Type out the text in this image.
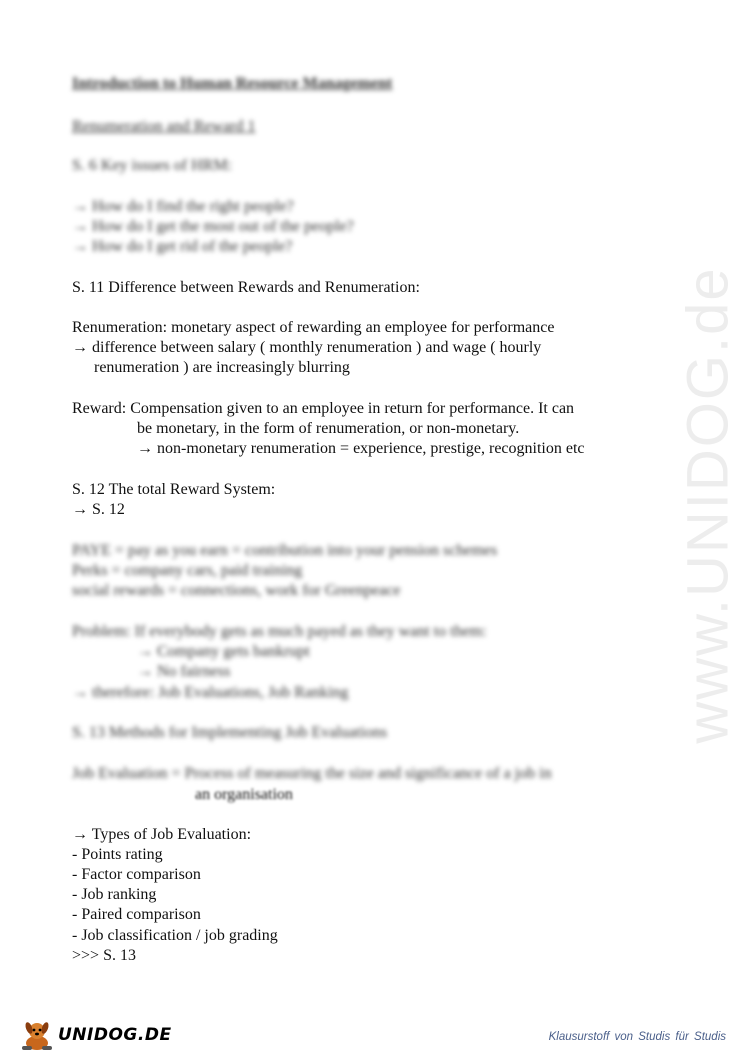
www.UNIDOG.de
Introduction to Human Resource Management
Renumeration and Reward 1
S. 6 Key issues of HRM:
→ How do I find the right people?
→ How do I get the most out of the people?
→ How do I get rid of the people?
S. 11 Difference between Rewards and Renumeration:
Renumeration: monetary aspect of rewarding an employee for performance
→ difference between salary ( monthly renumeration ) and wage ( hourly
renumeration ) are increasingly blurring
Reward: Compensation given to an employee in return for performance. It can
be monetary, in the form of renumeration, or non-monetary.
→ non-monetary renumeration = experience, prestige, recognition etc
S. 12 The total Reward System:
→ S. 12
PAYE = pay as you earn = contribution into your pension schemes
Perks = company cars, paid training
social rewards = connections, work for Greenpeace
Problem: If everybody gets as much payed as they want to them:
→ Company gets bankrupt
→ No fairness
→ therefore: Job Evaluations, Job Ranking
S. 13 Methods for Implementing Job Evaluations
Job Evaluation = Process of measuring the size and significance of a job in
an organisation
→ Types of Job Evaluation:
- Points rating
- Factor comparison
- Job ranking
- Paired comparison
- Job classification / job grading
>>> S. 13
UNIDOG.DE	Klausurstoff von Studis für Studis
